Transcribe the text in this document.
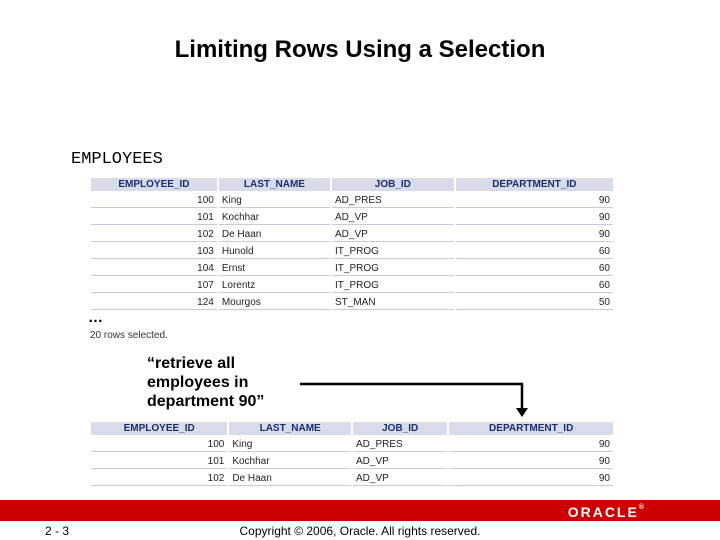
Limiting Rows Using a Selection
EMPLOYEES
EMPLOYEE_ID	LAST_NAME	JOB_ID	DEPARTMENT_ID
100	King	AD_PRES	90
101	Kochhar	AD_VP	90
102	De Haan	AD_VP	90
103	Hunold	IT_PROG	60
104	Ernst	IT_PROG	60
107	Lorentz	IT_PROG	60
124	Mourgos	ST_MAN	50
…
20 rows selected.
“retrieve all employees in department 90”
EMPLOYEE_ID	LAST_NAME	JOB_ID	DEPARTMENT_ID
100	King	AD_PRES	90
101	Kochhar	AD_VP	90
102	De Haan	AD_VP	90
ORACLE®
2 - 3	Copyright © 2006, Oracle. All rights reserved.
